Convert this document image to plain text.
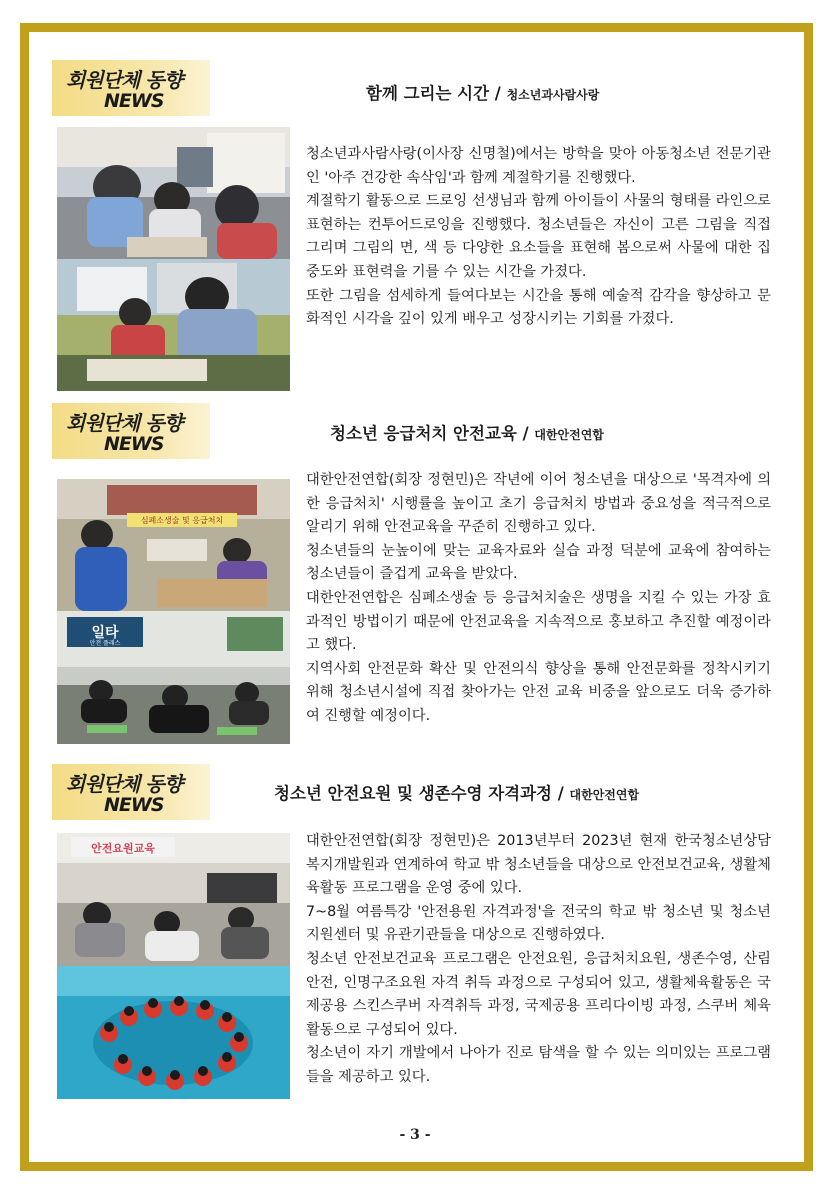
회원단체 동향
NEWS	함께 그리는 시간 / 청소년과사람사랑

청소년과사람사랑(이사장 신명철)에서는 방학을 맞아 아동청소년 전문기관인 '아주 건강한 속삭임'과 함께 계절학기를 진행했다.

계절학기 활동으로 드로잉 선생님과 함께 아이들이 사물의 형태를 라인으로 표현하는 컨투어드로잉을 진행했다. 청소년들은 자신이 고른 그림을 직접 그리며 그림의 면, 색 등 다양한 요소들을 표현해 봄으로써 사물에 대한 집중도와 표현력을 기를 수 있는 시간을 가졌다.

또한 그림을 섬세하게 들여다보는 시간을 통해 예술적 감각을 향상하고 문화적인 시각을 깊이 있게 배우고 성장시키는 기회를 가졌다.

회원단체 동향
NEWS	청소년 응급처치 안전교육 / 대한안전연합
심폐소생술 및 응급처치
일타
안전 플래스

대한안전연합(회장 정현민)은 작년에 이어 청소년을 대상으로 '목격자에 의한 응급처치' 시행률을 높이고 초기 응급처치 방법과 중요성을 적극적으로 알리기 위해 안전교육을 꾸준히 진행하고 있다.

청소년들의 눈높이에 맞는 교육자료와 실습 과정 덕분에 교육에 참여하는 청소년들이 즐겁게 교육을 받았다.

대한안전연합은 심폐소생술 등 응급처치술은 생명을 지킬 수 있는 가장 효과적인 방법이기 때문에 안전교육을 지속적으로 홍보하고 추진할 예정이라고 했다.

지역사회 안전문화 확산 및 안전의식 향상을 통해 안전문화를 정착시키기 위해 청소년시설에 직접 찾아가는 안전 교육 비중을 앞으로도 더욱 증가하여 진행할 예정이다.

회원단체 동향
NEWS
청소년 안전요원 및 생존수영 자격과정 / 대한안전연합
안전요원교육	대한안전연합(회장 정현민)은 2013년부터 2023년 현재 한국청소년상담복지개발원과 연계하여 학교 밖 청소년들을 대상으로 안전보건교육, 생활체육활동 프로그램을 운영 중에 있다.

7~8월 여름특강 '안전용원 자격과정'을 전국의 학교 밖 청소년 및 청소년지원센터 및 유관기관들을 대상으로 진행하였다.

청소년 안전보건교육 프로그램은 안전요원, 응급처치요원, 생존수영, 산림안전, 인명구조요원 자격 취득 과정으로 구성되어 있고, 생활체육활동은 국제공용 스킨스쿠버 자격취득 과정, 국제공용 프리다이빙 과정, 스쿠버 체육활동으로 구성되어 있다.

청소년이 자기 개발에서 나아가 진로 탐색을 할 수 있는 의미있는 프로그램들을 제공하고 있다.

- 3 -
